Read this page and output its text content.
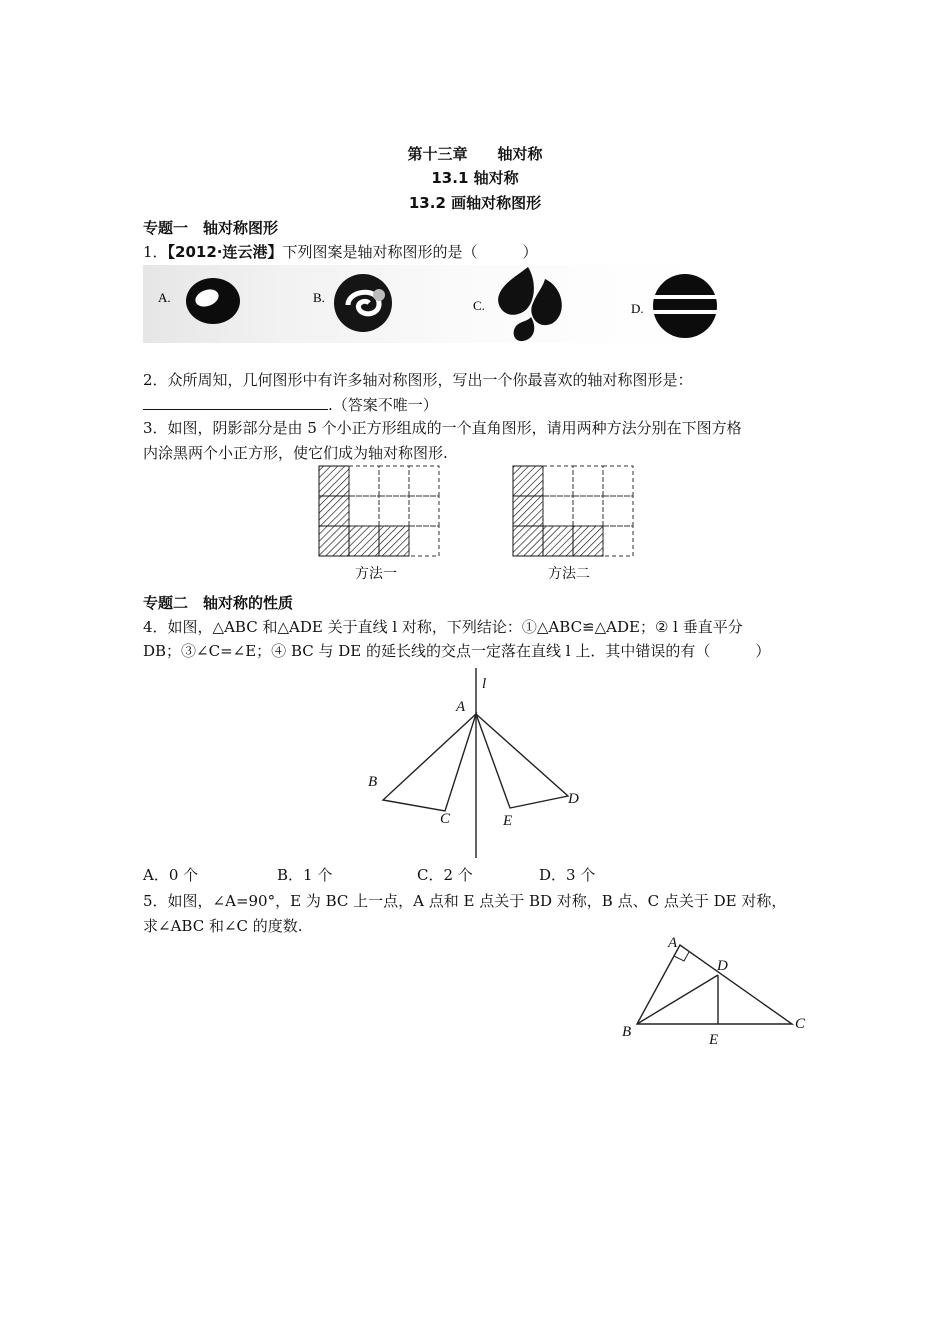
第十三章　　轴对称
13.1 轴对称
13.2 画轴对称图形
专题一　轴对称图形
1．【2012·连云港】下列图案是轴对称图形的是（　　　）
A.	B.
C.	D.
2．众所周知，几何图形中有许多轴对称图形，写出一个你最喜欢的轴对称图形是：
.（答案不唯一）
3．如图，阴影部分是由 5 个小正方形组成的一个直角图形，请用两种方法分别在下图方格
内涂黑两个小正方形，使它们成为轴对称图形.
方法一	方法二
专题二　轴对称的性质
4．如图，△ABC 和△ADE 关于直线 l 对称，下列结论：①△ABC≌△ADE；② l 垂直平分
DB；③∠C=∠E；④ BC 与 DE 的延长线的交点一定落在直线 l 上．其中错误的有（　　　）
l
A
B
C	E
D
A．0 个	B．1 个	C．2 个	D．3 个
5．如图，∠A=90°，E 为 BC 上一点，A 点和 E 点关于 BD 对称，B 点、C 点关于 DE 对称，
求∠ABC 和∠C 的度数.
A
D
B	E
C
